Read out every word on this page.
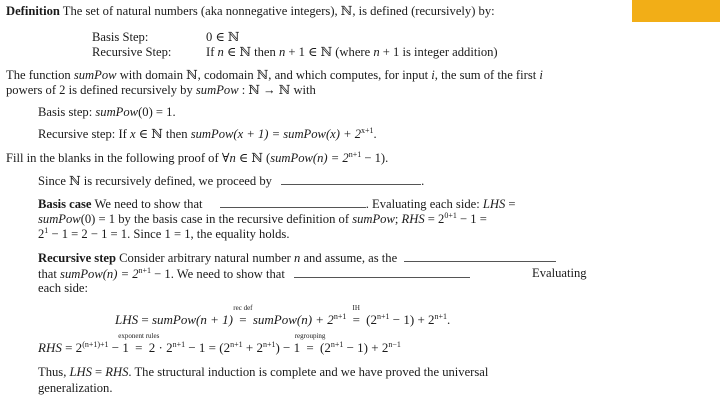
Definition The set of natural numbers (aka nonnegative integers), ℕ, is defined (recursively) by:
Basis Step:	0 ∈ ℕ
Recursive Step:	If n ∈ ℕ then n + 1 ∈ ℕ (where n + 1 is integer addition)
The function sumPow with domain ℕ, codomain ℕ, and which computes, for input i, the sum of the first i
powers of 2 is defined recursively by sumPow : ℕ → ℕ with
Basis step: sumPow(0) = 1.
Recursive step: If x ∈ ℕ then sumPow(x + 1) = sumPow(x) + $2^{x+1}$.
Fill in the blanks in the following proof of ∀n ∈ ℕ (sumPow(n) = $2^{n+1} - 1$).
Since ℕ is recursively defined, we proceed by	.
Basis case We need to show that	. Evaluating each side: LHS =
sumPow(0) = 1 by the basis case in the recursive definition of sumPow; RHS = $2^{0+1} - 1$ =
$2^1 - 1 = 2 - 1 = 1$. Since 1 = 1, the equality holds.
Recursive step Consider arbitrary natural number n and assume, as the
that sumPow(n) = $2^{n+1} - 1$. We need to show that	Evaluating
each side:
LHS = sumPow(n + 1)
rec def
= sumPow(n) + $2^{n+1}$
IH
= $(2^{n+1} - 1) + 2^{n+1}$.
RHS = $2^{(n+1)+1} - 1$
exponent rules
= $2 \cdot 2^{n+1} - 1 = (2^{n+1} + 2^{n+1}) - 1$
regrouping
= $(2^{n+1} - 1) + 2^{n-1}$
Thus, LHS = RHS. The structural induction is complete and we have proved the universal
generalization.
